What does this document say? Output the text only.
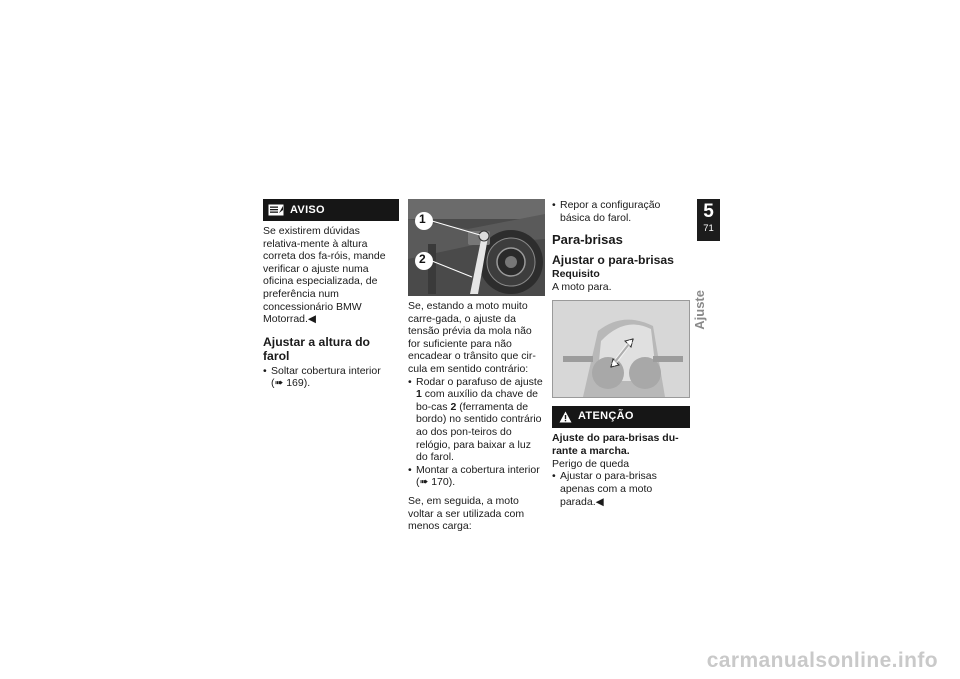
AVISO

Se existirem dúvidas relativa-mente à altura correta dos fa-róis, mande verificar o ajuste numa oficina especializada, de preferência num concessionário BMW Motorrad.◀

Ajustar a altura do farol
• Soltar cobertura interior
(➠ 169).
1
2

Se, estando a moto muito carre-gada, o ajuste da tensão prévia da mola não for suficiente para não encadear o trânsito que cir-cula em sentido contrário:

• Rodar o parafuso de ajuste 1 com auxílio da chave de bo-cas 2 (ferramenta de bordo) no sentido contrário ao dos pon-teiros do relógio, para baixar a luz do farol.
• Montar a cobertura interior
(➠ 170).

Se, em seguida, a moto voltar a ser utilizada com menos carga:

• Repor a configuração básica do farol.
Para-brisas
Ajustar o para-brisas
Requisito

A moto para.

ATENÇÃO
Ajuste do para-brisas du-rante a marcha.

Perigo de queda

• Ajustar o para-brisas apenas com a moto parada.◀
5
71
Ajuste
carmanualsonline.info
